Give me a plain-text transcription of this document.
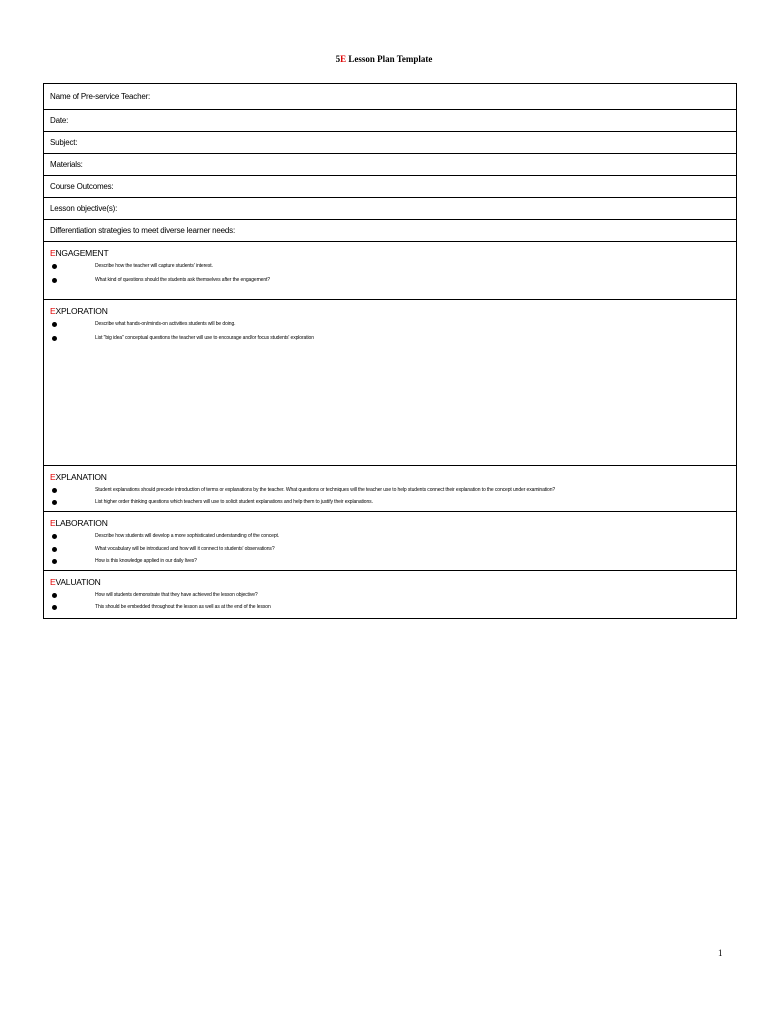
5E Lesson Plan Template
Name of Pre-service Teacher:
Date:
Subject:
Materials:
Course Outcomes:
Lesson objective(s):
Differentiation strategies to meet diverse learner needs:
ENGAGEMENT
Describe how the teacher will capture students' interest.
What kind of questions should the students ask themselves after the engagement?
EXPLORATION
Describe what hands-on/minds-on activities students will be doing.
List "big idea" conceptual questions the teacher will use to encourage and/or focus students' exploration
EXPLANATION
Student explanations should precede introduction of terms or explanations by the teacher. What questions or techniques will the teacher use to help students connect their explanation to the concept under examination?
List higher order thinking questions which teachers will use to solicit student explanations and help them to justify their explanations.
ELABORATION
Describe how students will develop a more sophisticated understanding of the concept.
What vocabulary will be introduced and how will it connect to students' observations?
How is this knowledge applied in our daily lives?
EVALUATION
How will students demonstrate that they have achieved the lesson objective?
This should be embedded throughout the lesson as well as at the end of the lesson
1
